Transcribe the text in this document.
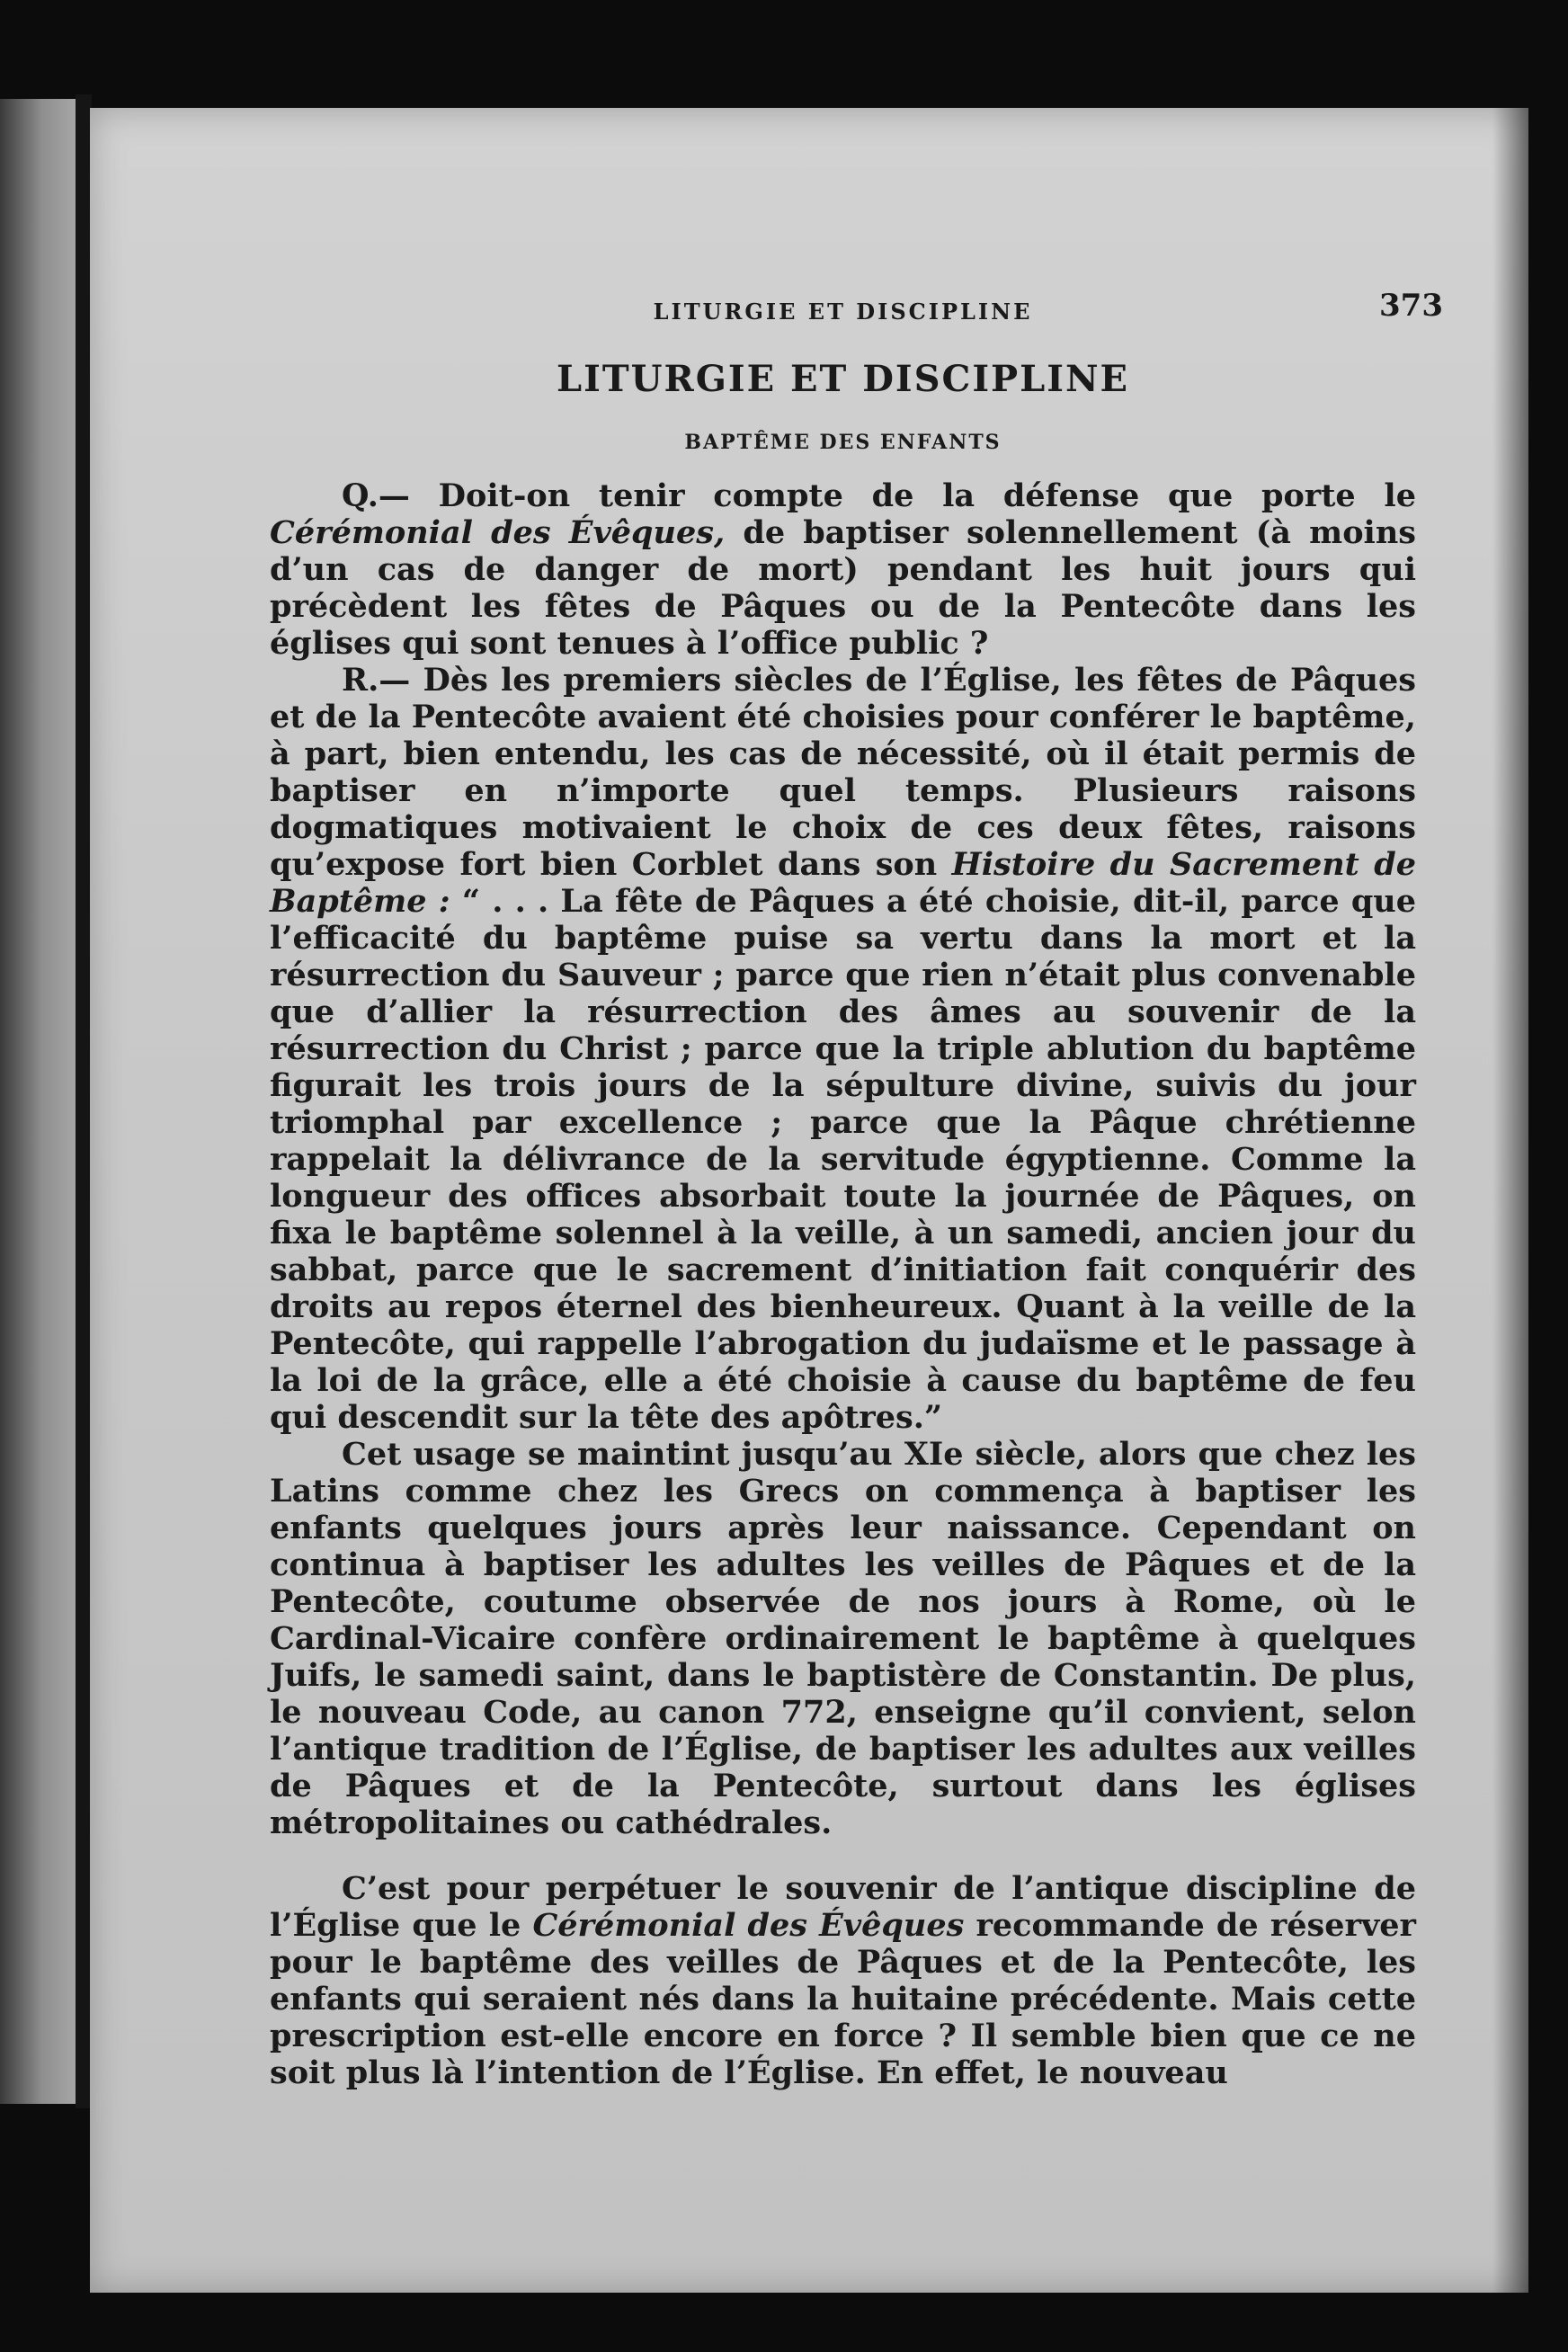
LITURGIE ET DISCIPLINE	373
LITURGIE ET DISCIPLINE
BAPTÊME DES ENFANTS

Q.— Doit-on tenir compte de la défense que porte le Cérémonial des Évêques, de baptiser solennellement (à moins d’un cas de danger de mort) pendant les huit jours qui précèdent les fêtes de Pâques ou de la Pentecôte dans les églises qui sont tenues à l’office public ?

R.— Dès les premiers siècles de l’Église, les fêtes de Pâques et de la Pentecôte avaient été choisies pour conférer le baptême, à part, bien entendu, les cas de nécessité, où il était permis de baptiser en n’importe quel temps. Plusieurs raisons dogmatiques motivaient le choix de ces deux fêtes, raisons qu’expose fort bien Corblet dans son Histoire du Sacrement de Baptême : “ . . . La fête de Pâques a été choisie, dit-il, parce que l’efficacité du baptême puise sa vertu dans la mort et la résurrection du Sauveur ; parce que rien n’était plus convenable que d’allier la résurrection des âmes au souvenir de la résurrection du Christ ; parce que la triple ablution du baptême figurait les trois jours de la sépulture divine, suivis du jour triomphal par excellence ; parce que la Pâque chrétienne rappelait la délivrance de la servitude égyptienne. Comme la longueur des offices absorbait toute la journée de Pâques, on fixa le baptême solennel à la veille, à un samedi, ancien jour du sabbat, parce que le sacrement d’initiation fait conquérir des droits au repos éternel des bienheureux. Quant à la veille de la Pentecôte, qui rappelle l’abrogation du judaïsme et le passage à la loi de la grâce, elle a été choisie à cause du baptême de feu qui descendit sur la tête des apôtres.”

Cet usage se maintint jusqu’au XIe siècle, alors que chez les Latins comme chez les Grecs on commença à baptiser les enfants quelques jours après leur naissance. Cependant on continua à baptiser les adultes les veilles de Pâques et de la Pentecôte, coutume observée de nos jours à Rome, où le Cardinal-Vicaire confère ordinairement le baptême à quelques Juifs, le samedi saint, dans le baptistère de Constantin. De plus, le nouveau Code, au canon 772, enseigne qu’il convient, selon l’antique tradition de l’Église, de baptiser les adultes aux veilles de Pâques et de la Pentecôte, surtout dans les églises métropolitaines ou cathédrales.

C’est pour perpétuer le souvenir de l’antique discipline de l’Église que le Cérémonial des Évêques recommande de réserver pour le baptême des veilles de Pâques et de la Pentecôte, les enfants qui seraient nés dans la huitaine précédente. Mais cette prescription est-elle encore en force ? Il semble bien que ce ne soit plus là l’intention de l’Église. En effet, le nouveau
